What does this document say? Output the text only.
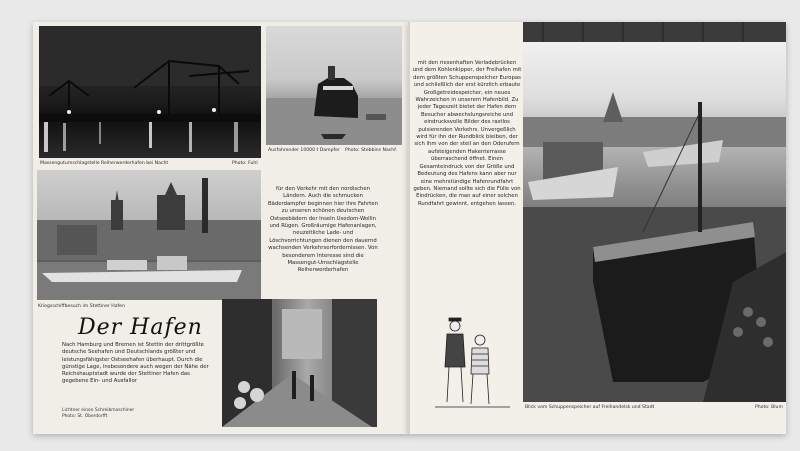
Massengutumschlagstelle Reiherwerderhafen bei Nacht	Photo: Fuhl
Ausfahrender 10000 t Dampfer Photo: Stebbins Nachf.
Kriegsschiffbesuch im Stettiner Hafen
Der Hafen
Nach Hamburg und Bremen ist Stettin der drittgrößte deutsche Seehafen und Deutschlands größter und leistungsfähigster Ostseehafen überhaupt. Durch die günstige Lage, insbesondere auch wegen der Nähe der Reichshauptstadt wurde der Stettiner Hafen das gegebene Ein- und Ausfallor
Lichtner einen Schreibmaschiner
Photo: St. Oberdorfft
für den Verkehr mit den nordischen Ländern. Auch die schmucken Bäderdampfer beginnen hier ihre Fahrten zu unseren schönen deutschen Ostseebädern der Inseln Usedom-Wollin und Rügen. Großräumige Hafenanlagen, neuzeitliche Lade- und Löschvorrichtungen dienen den dauernd wachsenden Verkehrserfordernissen. Von besonderem Interesse sind die Massengut-Umschlagstelle Reiherwerderhafen
mit den riesenhaften Verladebrücken und dem Kohlenkipper, der Freihafen mit dem größten Schuppenspeicher Europas und schließlich der erst kürzlich erbaute Großgetreidespeicher, ein neues Wahrzeichen in unserem Hafenbild. Zu jeder Tageszeit bietet der Hafen dem Besucher abwechslungsreiche und eindrucksvolle Bilder des rastlos pulsierenden Verkehrs. Unvergeßlich wird für ihn der Rundblick bleiben, der sich ihm von der steil an den Oderufern aufsteigenden Hakenterrasse überraschend öffnet. Einen Gesamteindruck von der Größe und Bedeutung des Hafens kann aber nur eine mehrstündige Hafenrundfahrt geben. Niemand sollte sich die Fülle von Eindrücken, die man auf einer solchen Rundfahrt gewinnt, entgehen lassen.
Blick vom Schuppenspeicher auf Freihandelsk und Stadt	Photo: Blum
